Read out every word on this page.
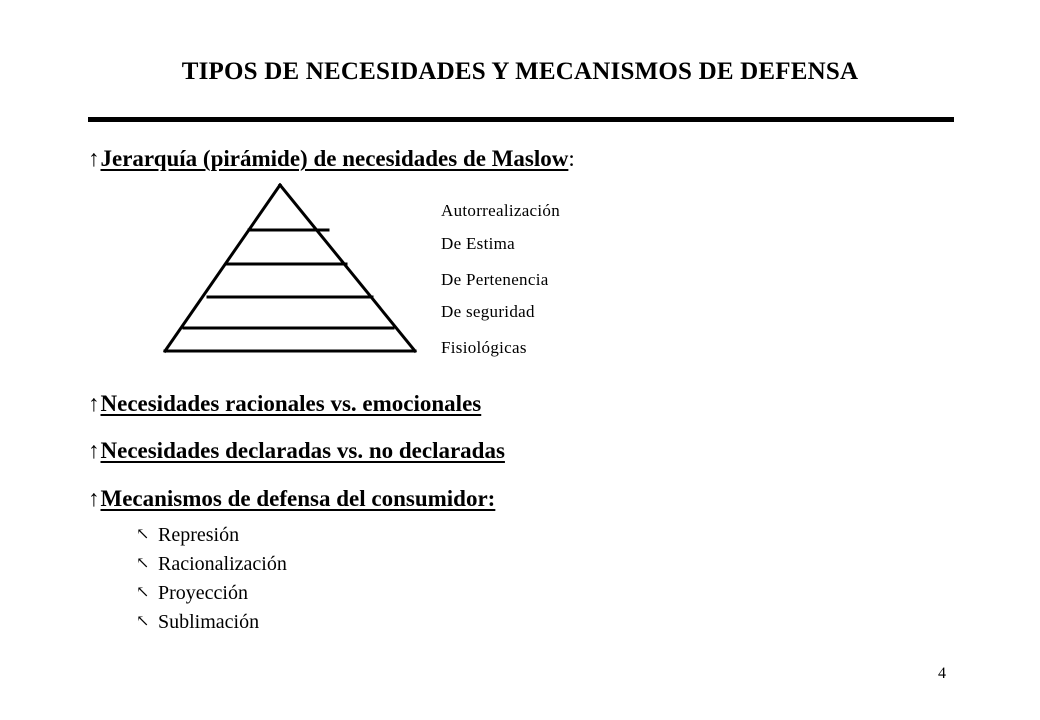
TIPOS DE NECESIDADES Y MECANISMOS DE DEFENSA
↑Jerarquía (pirámide) de necesidades de Maslow:
Autorrealización
De Estima
De Pertenencia
De seguridad
Fisiológicas
↑Necesidades racionales vs. emocionales
↑Necesidades declaradas vs. no declaradas
↑Mecanismos de defensa del consumidor:
↖ Represión
↖ Racionalización
↖ Proyección
↖ Sublimación
4
